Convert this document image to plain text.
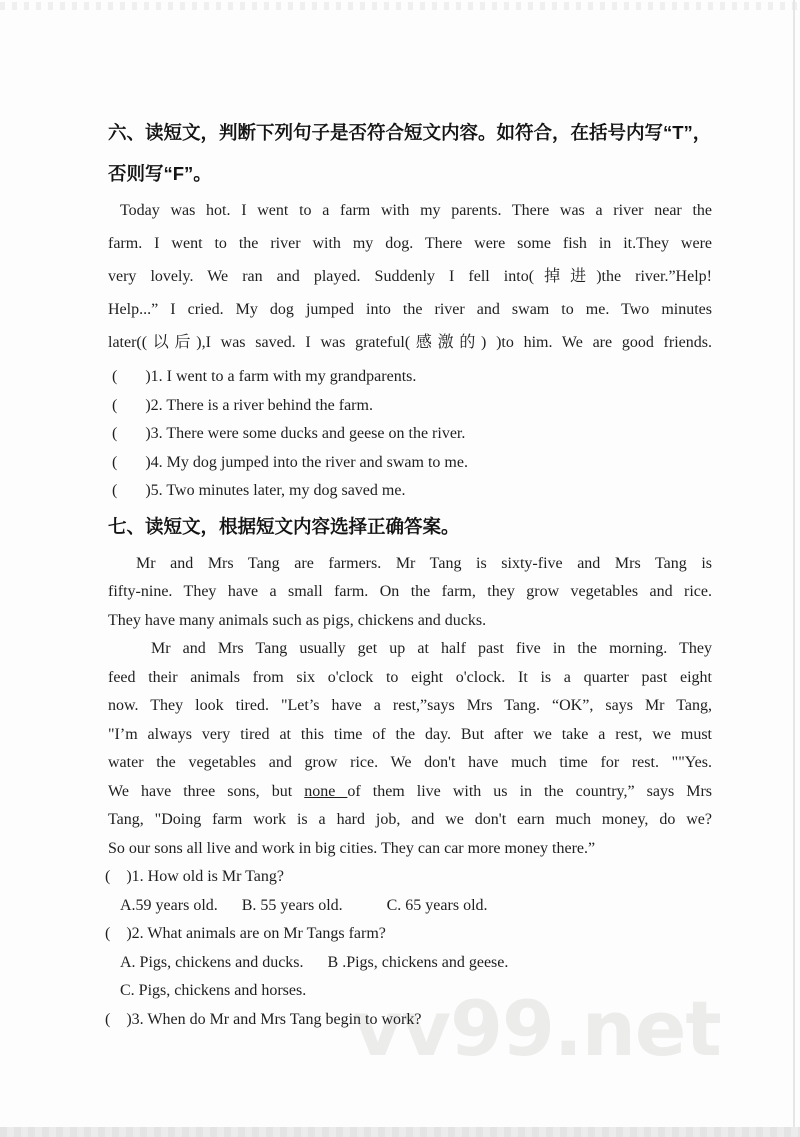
vv99.net
六、读短文，判断下列句子是否符合短文内容。如符合，在括号内写“T”，
否则写“F”。
Today was hot. I went to a farm with my parents. There was a river near the
farm. I went to the river with my dog. There were some fish in it.They were
very lovely. We ran and played. Suddenly I fell into(掉进)the river.”Help!
Help...” I cried. My dog jumped into the river and swam to me. Two minutes
later((以后),I was saved. I was grateful(感激的) )to him. We are good friends.
(       )1. I went to a farm with my grandparents.
(       )2. There is a river behind the farm.
(       )3. There were some ducks and geese on the river.
(       )4. My dog jumped into the river and swam to me.
(       )5. Two minutes later, my dog saved me.
七、读短文，根据短文内容选择正确答案。
Mr and Mrs Tang are farmers. Mr Tang is sixty-five and Mrs Tang is
fifty-nine. They have a small farm. On the farm, they grow vegetables and rice.
They have many animals such as pigs, chickens and ducks.
Mr and Mrs Tang usually get up at half past five in the morning. They
feed their animals from six o'clock to eight o'clock. It is a quarter past eight
now. They look tired. "Let’s have a rest,”says Mrs Tang. “OK”, says Mr Tang,
"I’m always very tired at this time of the day. But after we take a rest, we must
water the vegetables and grow rice. We don't have much time for rest. ""Yes.
We have three sons, but none of them live with us in the country,” says Mrs
Tang, "Doing farm work is a hard job, and we don't earn much money, do we?
So our sons all live and work in big cities. They can car more money there.”
(    )1. How old is Mr Tang?
A.59 years old.      B. 55 years old.           C. 65 years old.
(    )2. What animals are on Mr Tangs farm?
A. Pigs, chickens and ducks.      B .Pigs, chickens and geese.
C. Pigs, chickens and horses.
(    )3. When do Mr and Mrs Tang begin to work?
